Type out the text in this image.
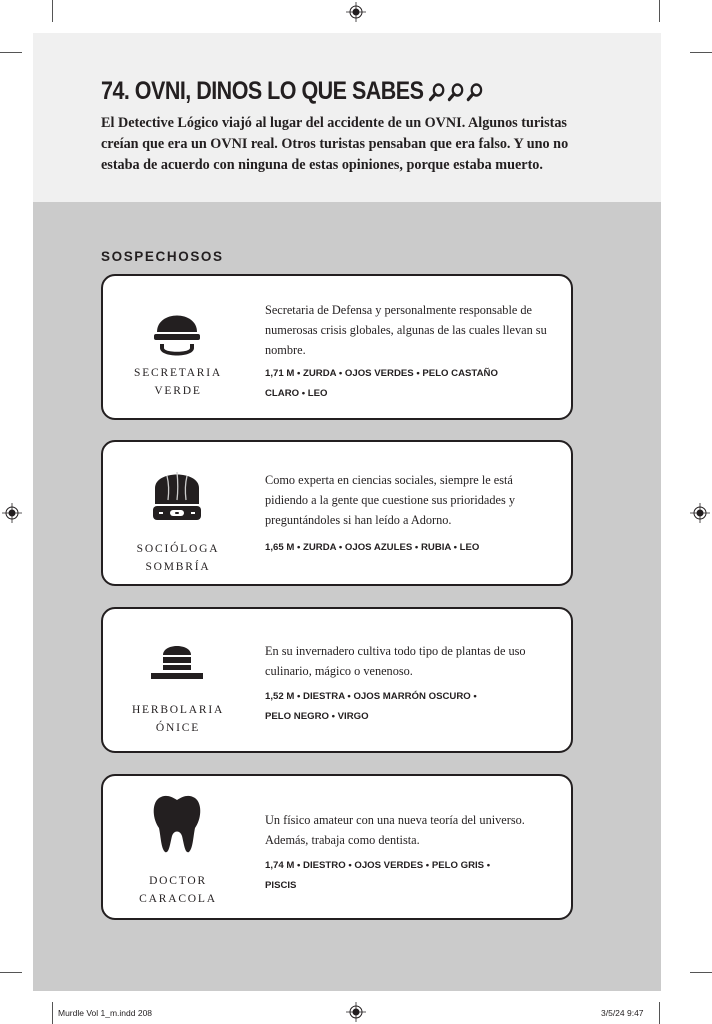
74. OVNI, DINOS LO QUE SABES

El Detective Lógico viajó al lugar del accidente de un OVNI. Algunos turistas creían que era un OVNI real. Otros turistas pensaban que era falso. Y uno no estaba de acuerdo con ninguna de estas opiniones, porque estaba muerto.

SOSPECHOSOS

SECRETARIA
VERDE

Secretaria de Defensa y personalmente responsable de numerosas crisis globales, algunas de las cuales llevan su nombre.

1,71 M • ZURDA • OJOS VERDES • PELO CASTAÑO
CLARO • LEO

SOCIÓLOGA
SOMBRÍA

Como experta en ciencias sociales, siempre le está pidiendo a la gente que cuestione sus prioridades y preguntándoles si han leído a Adorno.

1,65 M • ZURDA • OJOS AZULES • RUBIA • LEO

HERBOLARIA
ÓNICE

En su invernadero cultiva todo tipo de plantas de uso culinario, mágico o venenoso.

1,52 M • DIESTRA • OJOS MARRÓN OSCURO •
PELO NEGRO • VIRGO

DOCTOR
CARACOLA

Un físico amateur con una nueva teoría del universo. Además, trabaja como dentista.

1,74 M • DIESTRO • OJOS VERDES • PELO GRIS •
PISCIS

Murdle Vol 1_m.indd 208	3/5/24 9:47
